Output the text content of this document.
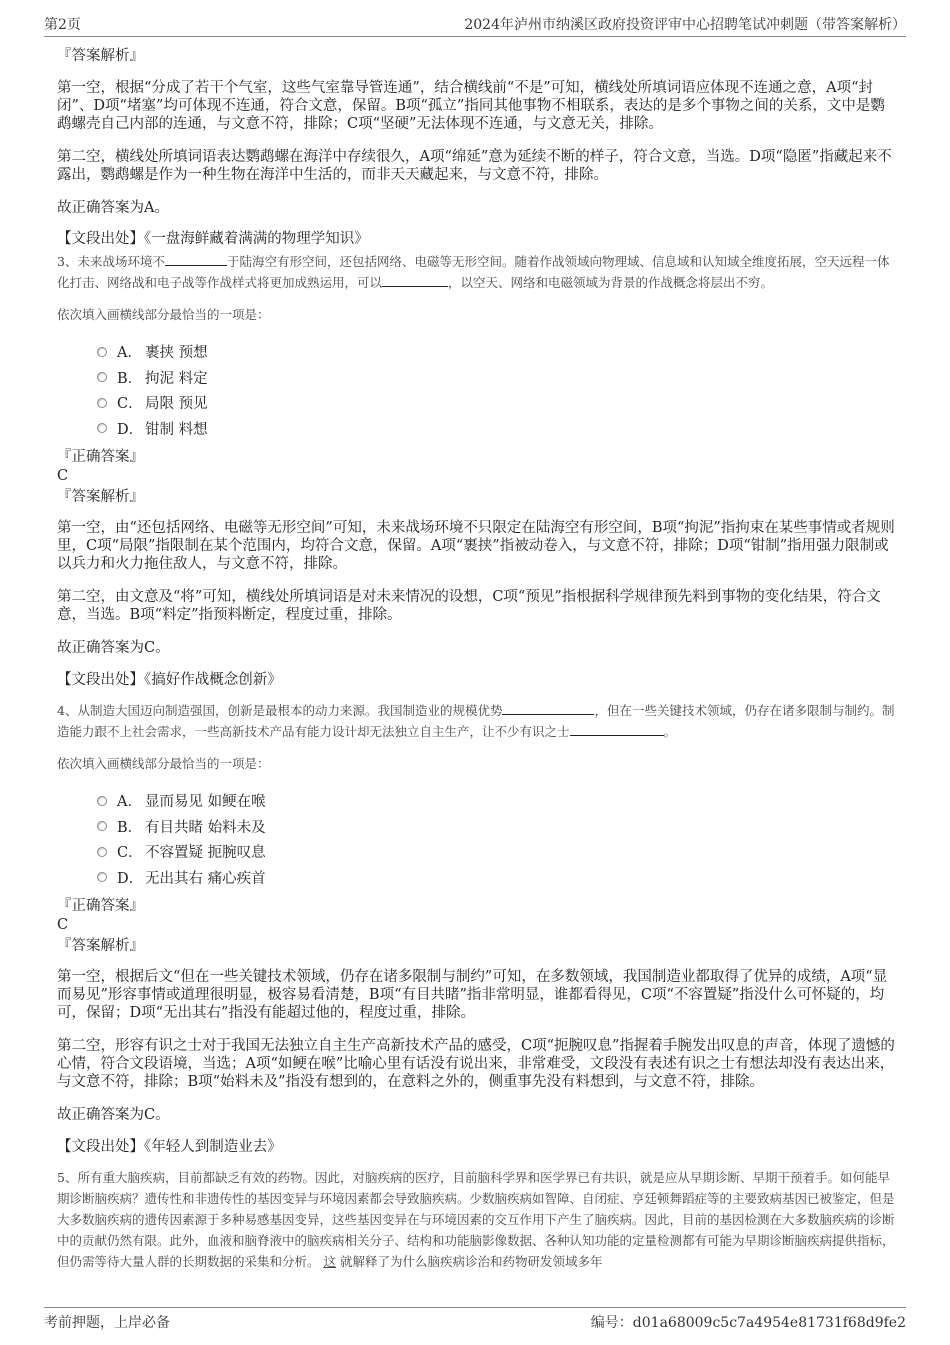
第2页	2024年泸州市纳溪区政府投资评审中心招聘笔试冲刺题（带答案解析）
『答案解析』

第一空，根据“分成了若干个气室，这些气室靠导管连通”，结合横线前“不是”可知，横线处所填词语应体现不连通之意，A项“封闭”、D项“堵塞”均可体现不连通，符合文意，保留。B项“孤立”指同其他事物不相联系，表达的是多个事物之间的关系，文中是鹦鹉螺壳自己内部的连通，与文意不符，排除；C项“坚硬”无法体现不连通，与文意无关，排除。

第二空，横线处所填词语表达鹦鹉螺在海洋中存续很久，A项“绵延”意为延续不断的样子，符合文意，当选。D项“隐匿”指藏起来不露出，鹦鹉螺是作为一种生物在海洋中生活的，而非天天藏起来，与文意不符，排除。

故正确答案为A。

【文段出处】《一盘海鲜藏着满满的物理学知识》

3、未来战场环境不	于陆海空有形空间，还包括网络、电磁等无形空间。随着作战领域向物理域、信息域和认知域全维度拓展，空天远程一体化打击、网络战和电子战等作战样式将更加成熟运用，可以	，以空天、网络和电磁领域为背景的作战概念将层出不穷。

依次填入画横线部分最恰当的一项是：

A． 裹挟 预想
B． 拘泥 料定
C． 局限 预见
D． 钳制 料想
『正确答案』
C
『答案解析』

第一空，由“还包括网络、电磁等无形空间”可知，未来战场环境不只限定在陆海空有形空间，B项“拘泥”指拘束在某些事情或者规则里，C项“局限”指限制在某个范围内，均符合文意，保留。A项“裹挟”指被动卷入，与文意不符，排除；D项“钳制”指用强力限制或以兵力和火力拖住敌人，与文意不符，排除。

第二空，由文意及“将”可知，横线处所填词语是对未来情况的设想，C项“预见”指根据科学规律预先料到事物的变化结果，符合文意，当选。B项“料定”指预料断定，程度过重，排除。

故正确答案为C。

【文段出处】《搞好作战概念创新》

4、从制造大国迈向制造强国，创新是最根本的动力来源。我国制造业的规模优势	，但在一些关键技术领域，仍存在诸多限制与制约。制造能力跟不上社会需求，一些高新技术产品有能力设计却无法独立自主生产，让不少有识之士	。

依次填入画横线部分最恰当的一项是：

A． 显而易见 如鲠在喉
B． 有目共睹 始料未及
C． 不容置疑 扼腕叹息
D． 无出其右 痛心疾首
『正确答案』
C
『答案解析』

第一空，根据后文“但在一些关键技术领域，仍存在诸多限制与制约”可知，在多数领域，我国制造业都取得了优异的成绩，A项“显而易见”形容事情或道理很明显，极容易看清楚，B项“有目共睹”指非常明显，谁都看得见，C项“不容置疑”指没什么可怀疑的，均可，保留；D项“无出其右”指没有能超过他的，程度过重，排除。

第二空，形容有识之士对于我国无法独立自主生产高新技术产品的感受，C项“扼腕叹息”指握着手腕发出叹息的声音，体现了遗憾的心情，符合文段语境，当选；A项“如鲠在喉”比喻心里有话没有说出来，非常难受，文段没有表述有识之士有想法却没有表达出来，与文意不符，排除；B项“始料未及”指没有想到的，在意料之外的，侧重事先没有料想到，与文意不符，排除。

故正确答案为C。

【文段出处】《年轻人到制造业去》

5、所有重大脑疾病，目前都缺乏有效的药物。因此，对脑疾病的医疗，目前脑科学界和医学界已有共识，就是应从早期诊断、早期干预着手。如何能早期诊断脑疾病？遗传性和非遗传性的基因变异与环境因素都会导致脑疾病。少数脑疾病如智障、自闭症、亨廷顿舞蹈症等的主要致病基因已被鉴定，但是大多数脑疾病的遗传因素源于多种易感基因变异，这些基因变异在与环境因素的交互作用下产生了脑疾病。因此，目前的基因检测在大多数脑疾病的诊断中的贡献仍然有限。此外，血液和脑脊液中的脑疾病相关分子、结构和功能脑影像数据、各种认知功能的定量检测都有可能为早期诊断脑疾病提供指标，但仍需等待大量人群的长期数据的采集和分析。 这 就解释了为什么脑疾病诊治和药物研发领域多年

考前押题，上岸必备	编号：d01a68009c5c7a4954e81731f68d9fe2
